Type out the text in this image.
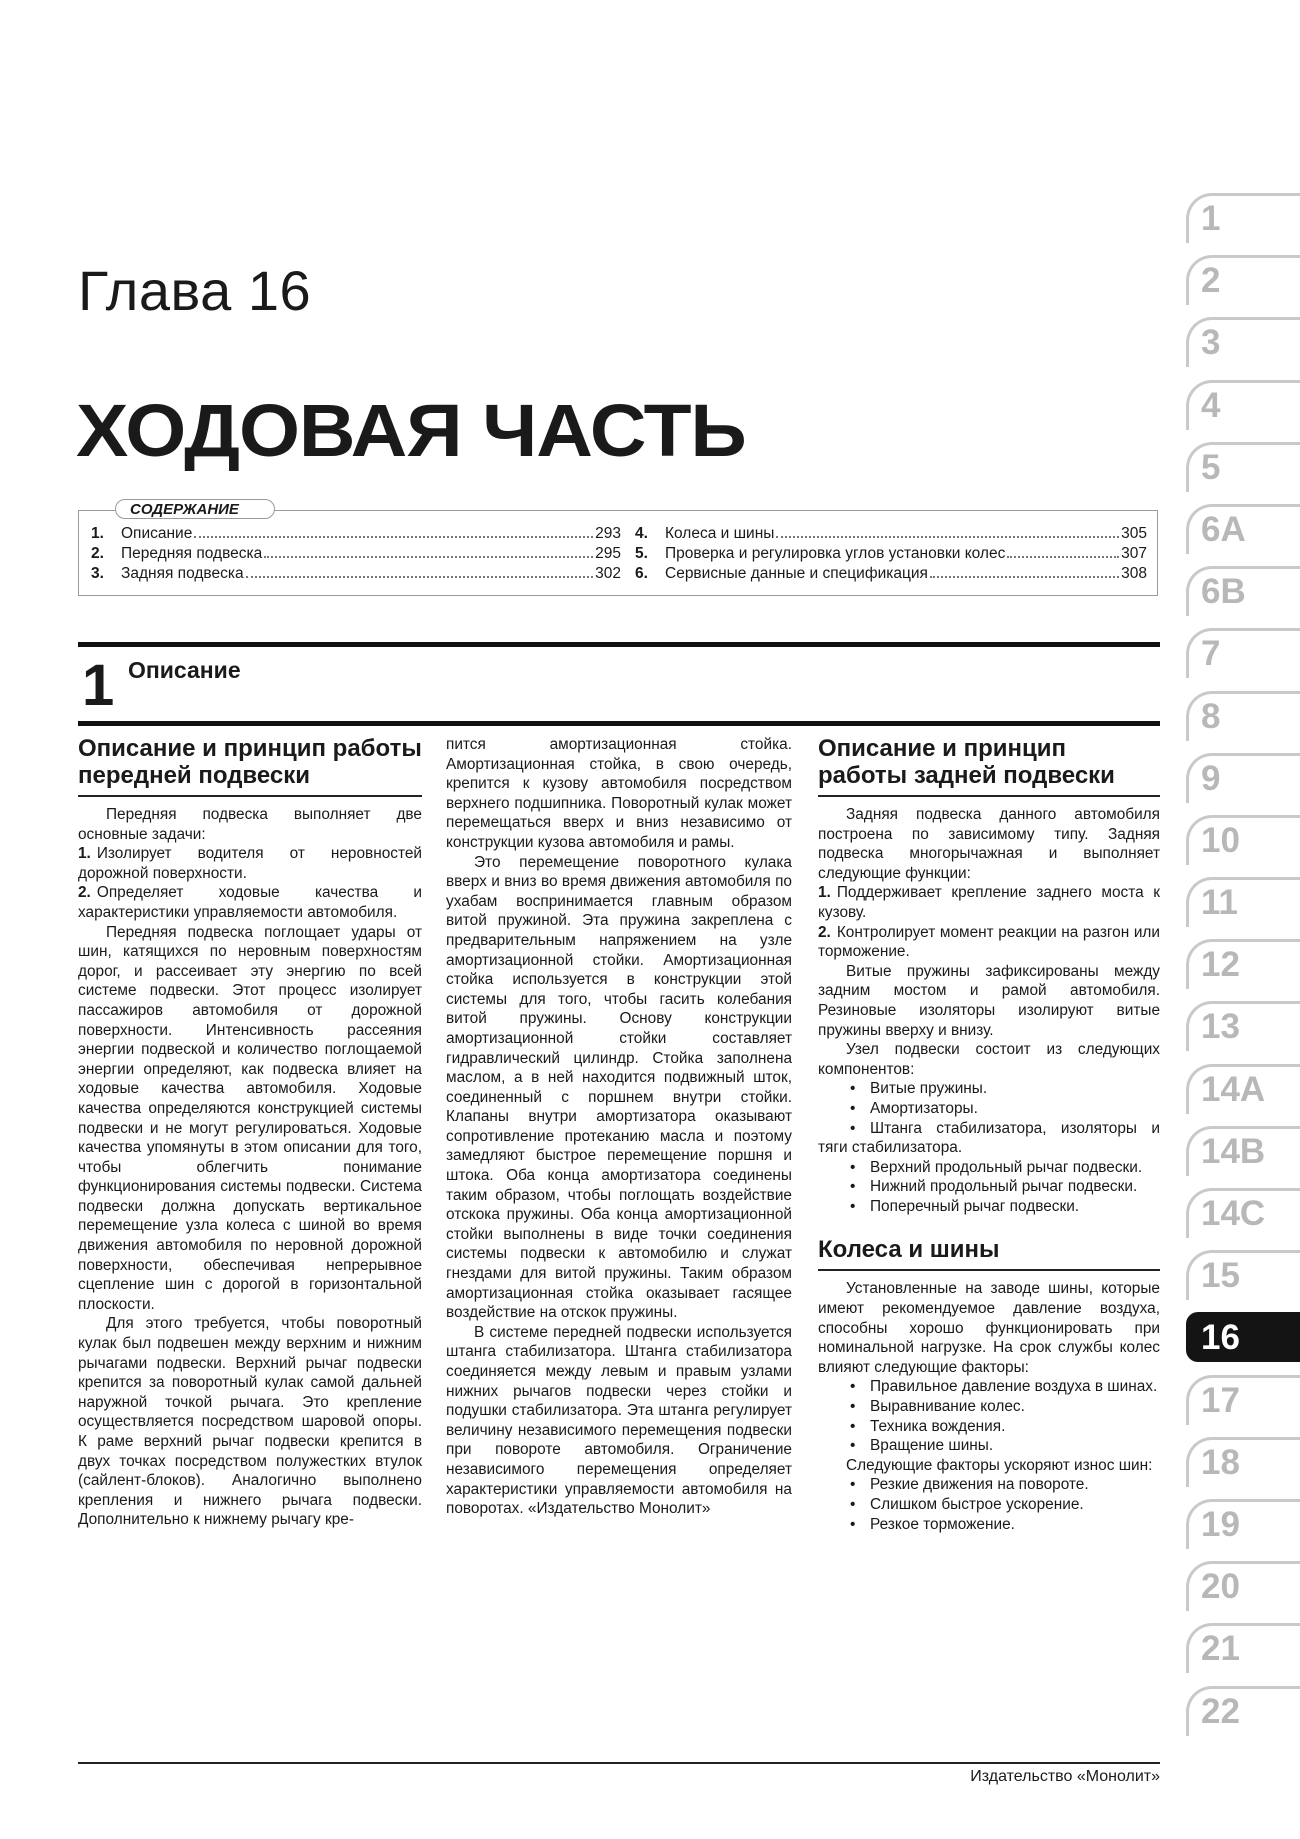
Глава 16
ХОДОВАЯ ЧАСТЬ
СОДЕРЖАНИЕ
1.	Описание	293
2.	Передняя подвеска	295
3.	Задняя подвеска	302
4.	Колеса и шины	305
5.	Проверка и регулировка углов установки колес	307
6.	Сервисные данные и спецификация	308
1 Описание
Описание и принцип работы передней подвески

Передняя подвеска выполняет две основные задачи:

1. Изолирует водителя от неровностей дорожной поверхности.

2. Определяет ходовые качества и характеристики управляемости автомобиля.

Передняя подвеска поглощает удары от шин, катящихся по неровным поверхностям дорог, и рассеивает эту энергию по всей системе подвески. Этот процесс изолирует пассажиров автомобиля от дорожной поверхности. Интенсивность рассеяния энергии подвеской и количество поглощаемой энергии определяют, как подвеска влияет на ходовые качества автомобиля. Ходовые качества определяются конструкцией системы подвески и не могут регулироваться. Ходовые качества упомянуты в этом описании для того, чтобы облегчить понимание функционирования системы подвески. Система подвески должна допускать вертикальное перемещение узла колеса с шиной во время движения автомобиля по неровной дорожной поверхности, обеспечивая непрерывное сцепление шин с дорогой в горизонтальной плоскости.

Для этого требуется, чтобы поворотный кулак был подвешен между верхним и нижним рычагами подвески. Верхний рычаг подвески крепится за поворотный кулак самой дальней наружной точкой рычага. Это крепление осуществляется посредством шаровой опоры. К раме верхний рычаг подвески крепится в двух точках посредством полужестких втулок (сайлент-блоков). Аналогично выполнено крепления и нижнего рычага подвески. Дополнительно к нижнему рычагу кре-

пится амортизационная стойка. Амортизационная стойка, в свою очередь, крепится к кузову автомобиля посредством верхнего подшипника. Поворотный кулак может перемещаться вверх и вниз независимо от конструкции кузова автомобиля и рамы.

Это перемещение поворотного кулака вверх и вниз во время движения автомобиля по ухабам воспринимается главным образом витой пружиной. Эта пружина закреплена с предварительным напряжением на узле амортизационной стойки. Амортизационная стойка используется в конструкции этой системы для того, чтобы гасить колебания витой пружины. Основу конструкции амортизационной стойки составляет гидравлический цилиндр. Стойка заполнена маслом, а в ней находится подвижный шток, соединенный с поршнем внутри стойки. Клапаны внутри амортизатора оказывают сопротивление протеканию масла и поэтому замедляют быстрое перемещение поршня и штока. Оба конца амортизатора соединены таким образом, чтобы поглощать воздействие отскока пружины. Оба конца амортизационной стойки выполнены в виде точки соединения системы подвески к автомобилю и служат гнездами для витой пружины. Таким образом амортизационная стойка оказывает гасящее воздействие на отскок пружины.

В системе передней подвески используется штанга стабилизатора. Штанга стабилизатора соединяется между левым и правым узлами нижних рычагов подвески через стойки и подушки стабилизатора. Эта штанга регулирует величину независимого перемещения подвески при повороте автомобиля. Ограничение независимого перемещения определяет характеристики управляемости автомобиля на поворотах. «Издательство Монолит»

Описание и принцип работы задней подвески

Задняя подвеска данного автомобиля построена по зависимому типу. Задняя подвеска многорычажная и выполняет следующие функции:

1. Поддерживает крепление заднего моста к кузову.

2. Контролирует момент реакции на разгон или торможение.

Витые пружины зафиксированы между задним мостом и рамой автомобиля. Резиновые изоляторы изолируют витые пружины вверху и внизу.

Узел подвески состоит из следующих компонентов:

• Витые пружины.
• Амортизаторы.
• Штанга стабилизатора, изоляторы и тяги стабилизатора.
• Верхний продольный рычаг подвески.
• Нижний продольный рычаг подвески.
• Поперечный рычаг подвески.
Колеса и шины

Установленные на заводе шины, которые имеют рекомендуемое давление воздуха, способны хорошо функционировать при номинальной нагрузке. На срок службы колес влияют следующие факторы:

• Правильное давление воздуха в шинах.
• Выравнивание колес.
• Техника вождения.
• Вращение шины.

Следующие факторы ускоряют износ шин:

• Резкие движения на повороте.
• Слишком быстрое ускорение.
• Резкое торможение.
1
2
3
4
5
6A
6B
7
8
9
10
11
12
13
14A
14B
14C
15
16
17
18
19
20
21
22
Издательство «Монолит»
